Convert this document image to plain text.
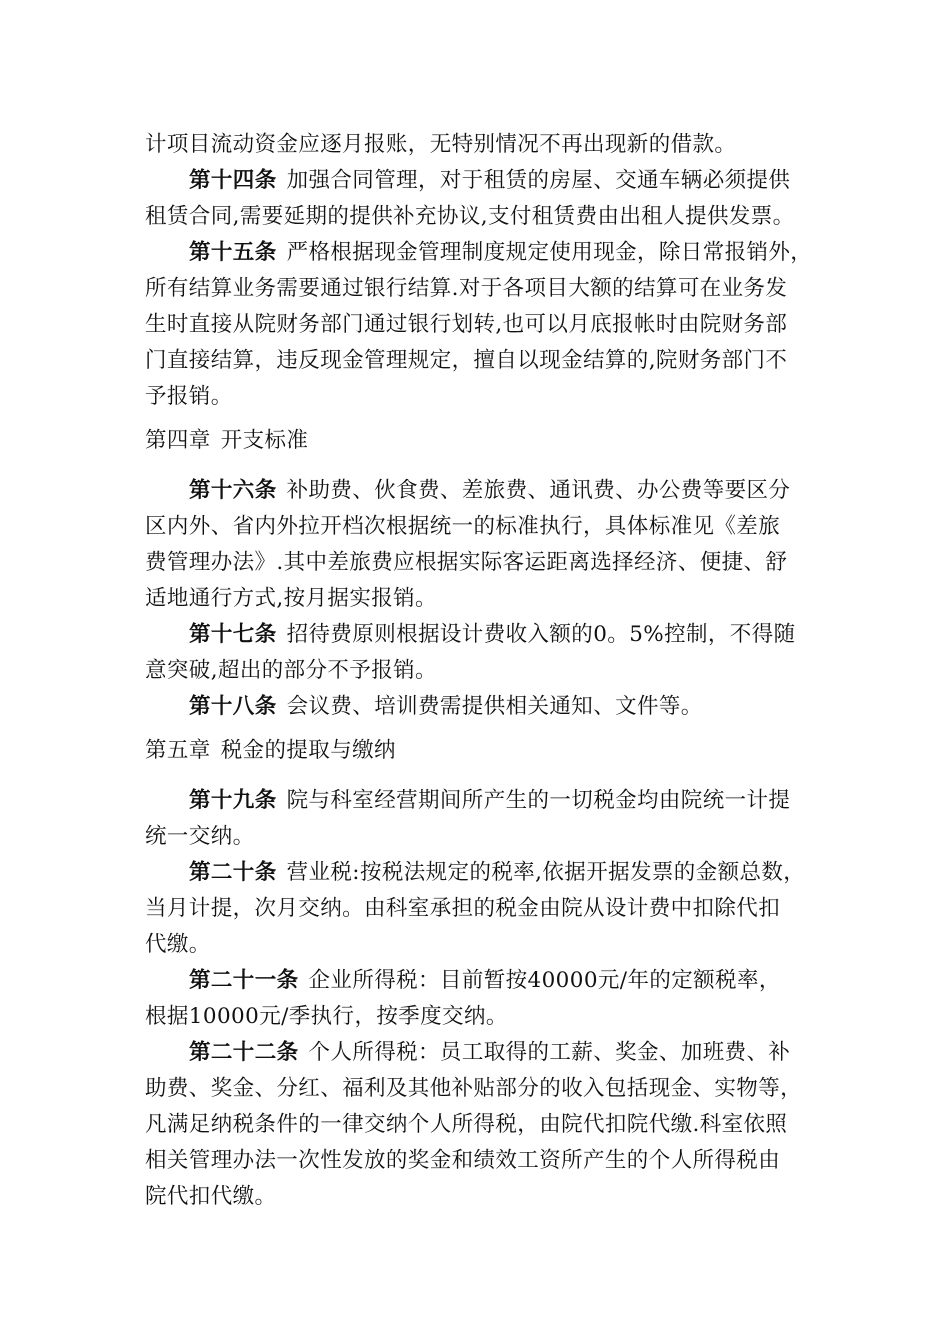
计项目流动资金应逐月报账，无特别情况不再出现新的借款。
第十四条 加强合同管理，对于租赁的房屋、交通车辆必须提供
租赁合同,需要延期的提供补充协议,支付租赁费由出租人提供发票。
第十五条 严格根据现金管理制度规定使用现金，除日常报销外，
所有结算业务需要通过银行结算.对于各项目大额的结算可在业务发
生时直接从院财务部门通过银行划转,也可以月底报帐时由院财务部
门直接结算，违反现金管理规定，擅自以现金结算的,院财务部门不
予报销。
第四章 开支标准
第十六条 补助费、伙食费、差旅费、通讯费、办公费等要区分
区内外、省内外拉开档次根据统一的标准执行，具体标准见《差旅
费管理办法》.其中差旅费应根据实际客运距离选择经济、便捷、舒
适地通行方式,按月据实报销。
第十七条 招待费原则根据设计费收入额的0。5%控制，不得随
意突破,超出的部分不予报销。
第十八条 会议费、培训费需提供相关通知、文件等。
第五章 税金的提取与缴纳
第十九条 院与科室经营期间所产生的一切税金均由院统一计提
统一交纳。
第二十条 营业税:按税法规定的税率,依据开据发票的金额总数，
当月计提，次月交纳。由科室承担的税金由院从设计费中扣除代扣
代缴。
第二十一条 企业所得税：目前暂按40000元/年的定额税率，
根据10000元/季执行，按季度交纳。
第二十二条 个人所得税：员工取得的工薪、奖金、加班费、补
助费、奖金、分红、福利及其他补贴部分的收入包括现金、实物等，
凡满足纳税条件的一律交纳个人所得税，由院代扣院代缴.科室依照
相关管理办法一次性发放的奖金和绩效工资所产生的个人所得税由
院代扣代缴。
